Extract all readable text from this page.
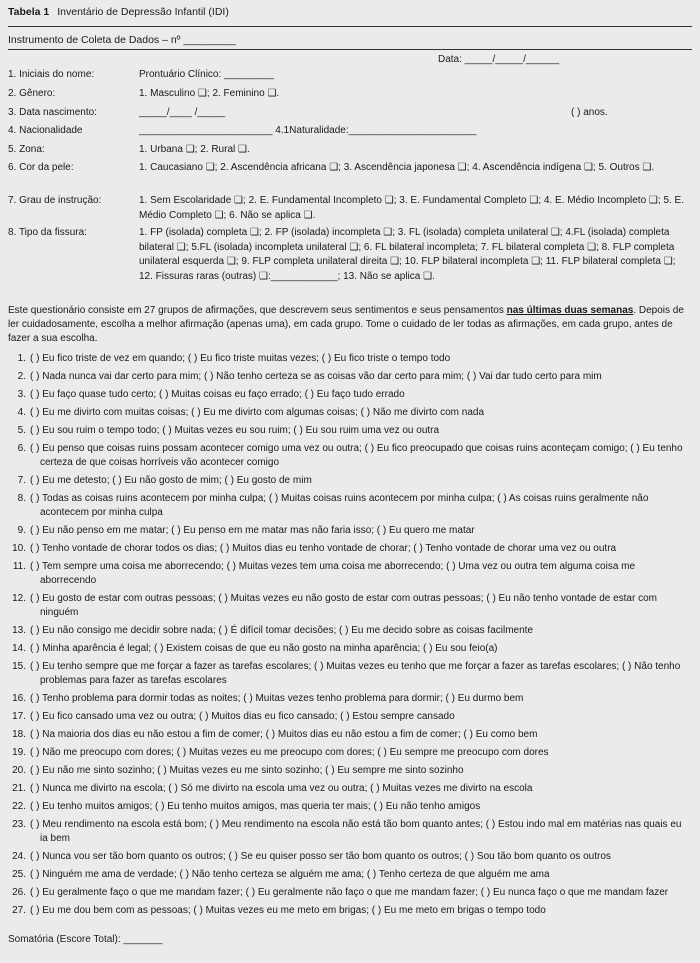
Tabela 1 Inventário de Depressão Infantil (IDI)
Instrumento de Coleta de Dados – nº _________
Data: _____/_____/______
1. Iniciais do nome:	Prontuário Clínico: _________
2. Gênero:	1. Masculino ❑; 2. Feminino ❑.
3. Data nascimento:	_____/____ /_____	( ) anos.
4. Nacionalidade	________________________ 4.1Naturalidade:_______________________
5. Zona:	1. Urbana ❑; 2. Rural ❑.
6. Cor da pele:	1. Caucasiano ❑; 2. Ascendência africana ❑; 3. Ascendência japonesa ❑; 4. Ascendência indígena ❑; 5. Outros ❑.
7. Grau de instrução:	1. Sem Escolaridade ❑; 2. E. Fundamental Incompleto ❑; 3. E. Fundamental Completo ❑; 4. E. Médio Incompleto ❑; 5. E. Médio Completo ❑; 6. Não se aplica ❑.
8. Tipo da fissura:	1. FP (isolada) completa ❑; 2. FP (isolada) incompleta ❑; 3. FL (isolada) completa unilateral ❑; 4.FL (isolada) completa bilateral ❑; 5.FL (isolada) incompleta unilateral ❑; 6. FL bilateral incompleta; 7. FL bilateral completa ❑; 8. FLP completa unilateral esquerda ❑; 9. FLP completa unilateral direita ❑; 10. FLP bilateral incompleta ❑; 11. FLP bilateral completa ❑; 12. Fissuras raras (outras) ❑:____________; 13. Não se aplica ❑.
Este questionário consiste em 27 grupos de afirmações, que descrevem seus sentimentos e seus pensamentos nas últimas duas semanas. Depois de ler cuidadosamente, escolha a melhor afirmação (apenas uma), em cada grupo. Tome o cuidado de ler todas as afirmações, em cada grupo, antes de fazer a sua escolha.
1. ( ) Eu fico triste de vez em quando; ( ) Eu fico triste muitas vezes; ( ) Eu fico triste o tempo todo
2. ( ) Nada nunca vai dar certo para mim; ( ) Não tenho certeza se as coisas vão dar certo para mim; ( ) Vai dar tudo certo para mim
3. ( ) Eu faço quase tudo certo; ( ) Muitas coisas eu faço errado; ( ) Eu faço tudo errado
4. ( ) Eu me divirto com muitas coisas; ( ) Eu me divirto com algumas coisas; ( ) Não me divirto com nada
5. ( ) Eu sou ruim o tempo todo; ( ) Muitas vezes eu sou ruim; ( ) Eu sou ruim uma vez ou outra
6. ( ) Eu penso que coisas ruins possam acontecer comigo uma vez ou outra; ( ) Eu fico preocupado que coisas ruins aconteçam comigo; ( ) Eu tenho certeza de que coisas horríveis vão acontecer comigo
7. ( ) Eu me detesto; ( ) Eu não gosto de mim; ( ) Eu gosto de mim
8. ( ) Todas as coisas ruins acontecem por minha culpa; ( ) Muitas coisas ruins acontecem por minha culpa; ( ) As coisas ruins geralmente não acontecem por minha culpa
9. ( ) Eu não penso em me matar; ( ) Eu penso em me matar mas não faria isso; ( ) Eu quero me matar
10. ( ) Tenho vontade de chorar todos os dias; ( ) Muitos dias eu tenho vontade de chorar; ( ) Tenho vontade de chorar uma vez ou outra
11. ( ) Tem sempre uma coisa me aborrecendo; ( ) Muitas vezes tem uma coisa me aborrecendo; ( ) Uma vez ou outra tem alguma coisa me aborrecendo
12. ( ) Eu gosto de estar com outras pessoas; ( ) Muitas vezes eu não gosto de estar com outras pessoas; ( ) Eu não tenho vontade de estar com ninguém
13. ( ) Eu não consigo me decidir sobre nada; ( ) É difícil tomar decisões; ( ) Eu me decido sobre as coisas facilmente
14. ( ) Minha aparência é legal; ( ) Existem coisas de que eu não gosto na minha aparência; ( ) Eu sou feio(a)
15. ( ) Eu tenho sempre que me forçar a fazer as tarefas escolares; ( ) Muitas vezes eu tenho que me forçar a fazer as tarefas escolares; ( ) Não tenho problemas para fazer as tarefas escolares
16. ( ) Tenho problema para dormir todas as noites; ( ) Muitas vezes tenho problema para dormir; ( ) Eu durmo bem
17. ( ) Eu fico cansado uma vez ou outra; ( ) Muitos dias eu fico cansado; ( ) Estou sempre cansado
18. ( ) Na maioria dos dias eu não estou a fim de comer; ( ) Muitos dias eu não estou a fim de comer; ( ) Eu como bem
19. ( ) Não me preocupo com dores; ( ) Muitas vezes eu me preocupo com dores; ( ) Eu sempre me preocupo com dores
20. ( ) Eu não me sinto sozinho; ( ) Muitas vezes eu me sinto sozinho; ( ) Eu sempre me sinto sozinho
21. ( ) Nunca me divirto na escola; ( ) Só me divirto na escola uma vez ou outra; ( ) Muitas vezes me divirto na escola
22. ( ) Eu tenho muitos amigos; ( ) Eu tenho muitos amigos, mas queria ter mais; ( ) Eu não tenho amigos
23. ( ) Meu rendimento na escola está bom; ( ) Meu rendimento na escola não está tão bom quanto antes; ( ) Estou indo mal em matérias nas quais eu ia bem
24. ( ) Nunca vou ser tão bom quanto os outros; ( ) Se eu quiser posso ser tão bom quanto os outros; ( ) Sou tão bom quanto os outros
25. ( ) Ninguém me ama de verdade; ( ) Não tenho certeza se alguém me ama; ( ) Tenho certeza de que alguém me ama
26. ( ) Eu geralmente faço o que me mandam fazer; ( ) Eu geralmente não faço o que me mandam fazer; ( ) Eu nunca faço o que me mandam fazer
27. ( ) Eu me dou bem com as pessoas; ( ) Muitas vezes eu me meto em brigas; ( ) Eu me meto em brigas o tempo todo
Somatória (Escore Total): _______
